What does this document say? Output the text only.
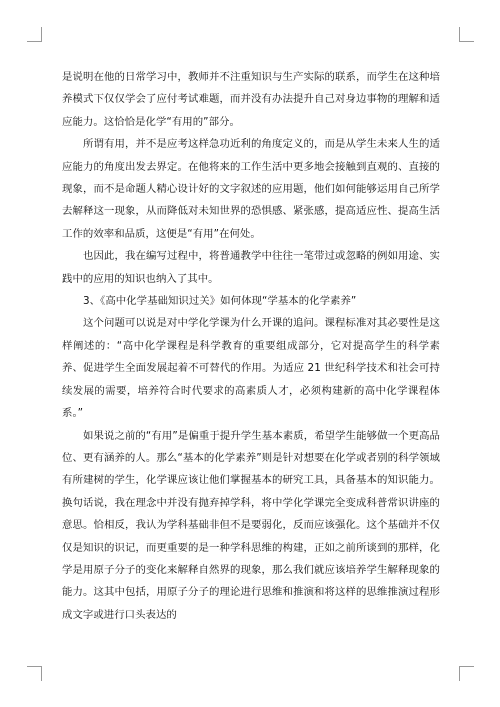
是说明在他的日常学习中，教师并不注重知识与生产实际的联系，而学生在这种培养模式下仅仅学会了应付考试难题，而并没有办法提升自己对身边事物的理解和适应能力。这恰恰是化学“有用的”部分。

所谓有用，并不是应考这样急功近利的角度定义的，而是从学生未来人生的适应能力的角度出发去界定。在他将来的工作生活中更多地会接触到直观的、直接的现象，而不是命题人精心设计好的文字叙述的应用题，他们如何能够运用自己所学去解释这一现象，从而降低对未知世界的恐惧感、紧张感，提高适应性、提高生活工作的效率和品质，这便是“有用”在何处。

也因此，我在编写过程中，将普通教学中往往一笔带过或忽略的例如用途、实践中的应用的知识也纳入了其中。

3、《高中化学基础知识过关》如何体现“学基本的化学素养”

这个问题可以说是对中学化学课为什么开课的追问。课程标准对其必要性是这样阐述的：“高中化学课程是科学教育的重要组成部分，它对提高学生的科学素养、促进学生全面发展起着不可替代的作用。为适应 21 世纪科学技术和社会可持续发展的需要，培养符合时代要求的高素质人才，必须构建新的高中化学课程体系。”

如果说之前的“有用”是偏重于提升学生基本素质，希望学生能够做一个更高品位、更有涵养的人。那么“基本的化学素养”则是针对想要在化学或者别的科学领域有所建树的学生，化学课应该让他们掌握基本的研究工具，具备基本的知识能力。换句话说，我在理念中并没有抛弃掉学科，将中学化学课完全变成科普常识讲座的意思。恰相反，我认为学科基础非但不是要弱化，反而应该强化。这个基础并不仅仅是知识的识记，而更重要的是一种学科思维的构建，正如之前所谈到的那样，化学是用原子分子的变化来解释自然界的现象，那么我们就应该培养学生解释现象的能力。这其中包括，用原子分子的理论进行思维和推演和将这样的思维推演过程形成文字或进行口头表达的
